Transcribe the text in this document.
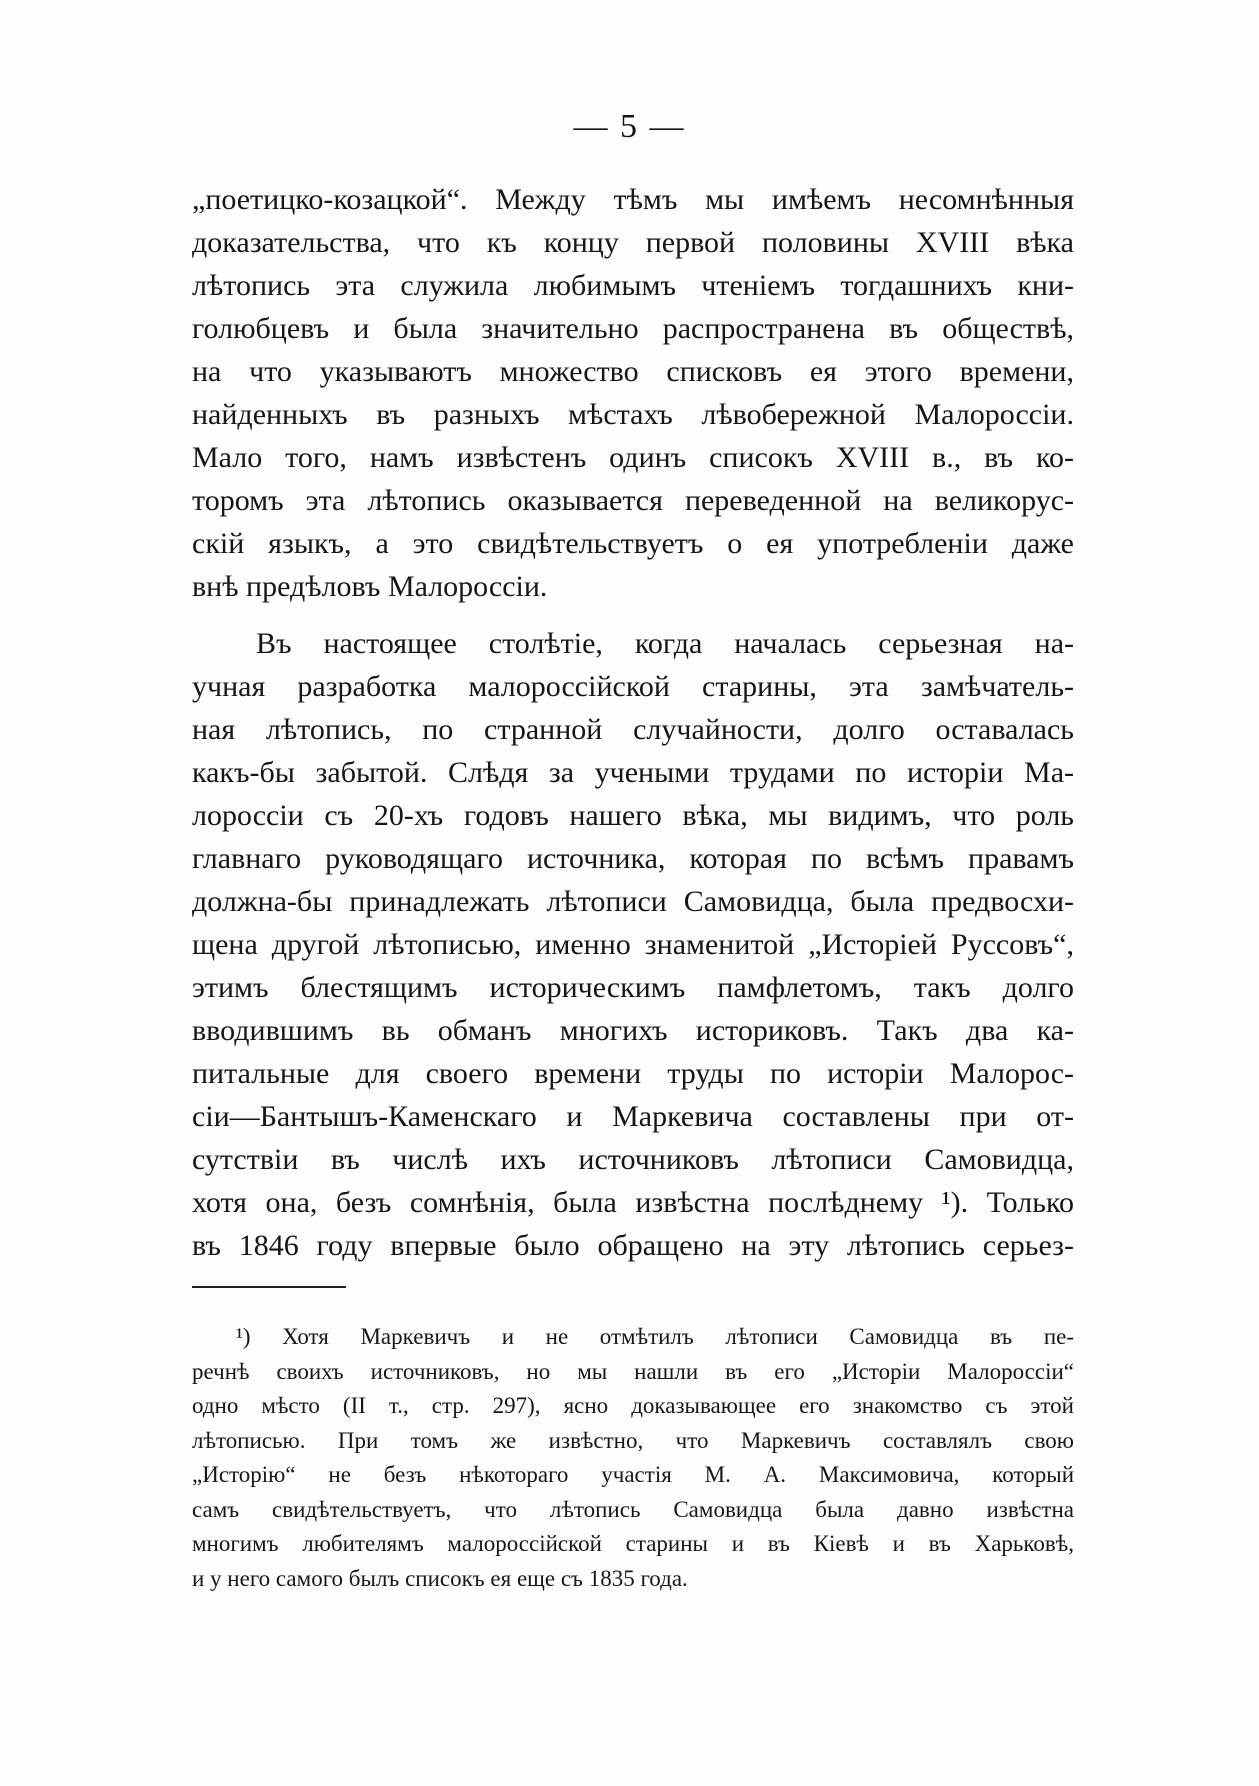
— 5 —
„поетицко-козацкой“. Между тѣмъ мы имѣемъ несомнѣнныя
доказательства, что къ концу первой половины XVIII вѣка
лѣтопись эта служила любимымъ чтеніемъ тогдашнихъ кни-
голюбцевъ и была значительно распространена въ обществѣ,
на что указываютъ множество списковъ ея этого времени,
найденныхъ въ разныхъ мѣстахъ лѣвобережной Малороссіи.
Мало того, намъ извѣстенъ одинъ списокъ XVIII в., въ ко-
торомъ эта лѣтопись оказывается переведенной на великорус-
скій языкъ, а это свидѣтельствуетъ о ея употребленіи даже
внѣ предѣловъ Малороссіи.
Въ настоящее столѣтіе, когда началась серьезная на-
учная разработка малороссійской старины, эта замѣчатель-
ная лѣтопись, по странной случайности, долго оставалась
какъ-бы забытой. Слѣдя за учеными трудами по исторіи Ма-
лороссіи съ 20-хъ годовъ нашего вѣка, мы видимъ, что роль
главнаго руководящаго источника, которая по всѣмъ правамъ
должна-бы принадлежать лѣтописи Самовидца, была предвосхи-
щена другой лѣтописью, именно знаменитой „Исторіей Руссовъ“,
этимъ блестящимъ историческимъ памфлетомъ, такъ долго
вводившимъ вь обманъ многихъ историковъ. Такъ два ка-
питальные для своего времени труды по исторіи Малорос-
сіи—Бантышъ-Каменскаго и Маркевича составлены при от-
сутствіи въ числѣ ихъ источниковъ лѣтописи Самовидца,
хотя она, безъ сомнѣнія, была извѣстна послѣднему ¹). Только
въ 1846 году впервые было обращено на эту лѣтопись серьез-
¹) Хотя Маркевичъ и не отмѣтилъ лѣтописи Самовидца въ пе-
речнѣ своихъ источниковъ, но мы нашли въ его „Исторіи Малороссіи“
одно мѣсто (II т., стр. 297), ясно доказывающее его знакомство съ этой
лѣтописью. При томъ же извѣстно, что Маркевичъ составлялъ свою
„Исторію“ не безъ нѣкотораго участія М. А. Максимовича, который
самъ свидѣтельствуетъ, что лѣтопись Самовидца была давно извѣстна
многимъ любителямъ малороссійской старины и въ Кіевѣ и въ Харьковѣ,
и у него самого былъ списокъ ея еще съ 1835 года.
